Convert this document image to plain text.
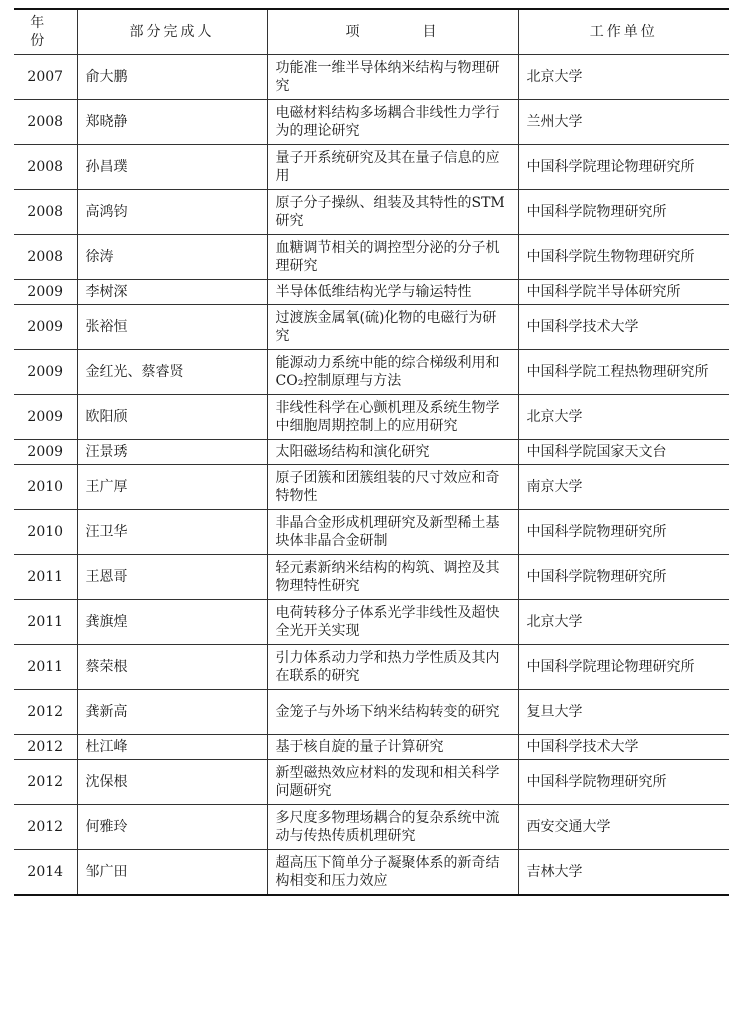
年份	部分完成人	项 目	工作单位
2007	俞大鹏	功能准一维半导体纳米结构与物理研究	北京大学
2008	郑晓静	电磁材料结构多场耦合非线性力学行为的理论研究	兰州大学
2008	孙昌璞	量子开系统研究及其在量子信息的应用	中国科学院理论物理研究所
2008	高鸿钧	原子分子操纵、组装及其特性的STM研究	中国科学院物理研究所
2008	徐涛	血糖调节相关的调控型分泌的分子机理研究	中国科学院生物物理研究所
2009	李树深	半导体低维结构光学与输运特性	中国科学院半导体研究所
2009	张裕恒	过渡族金属氧(硫)化物的电磁行为研究	中国科学技术大学
2009	金红光、蔡睿贤	能源动力系统中能的综合梯级利用和CO₂控制原理与方法	中国科学院工程热物理研究所
2009	欧阳颀	非线性科学在心颤机理及系统生物学中细胞周期控制上的应用研究	北京大学
2009	汪景琇	太阳磁场结构和演化研究	中国科学院国家天文台
2010	王广厚	原子团簇和团簇组装的尺寸效应和奇特物性	南京大学
2010	汪卫华	非晶合金形成机理研究及新型稀土基块体非晶合金研制	中国科学院物理研究所
2011	王恩哥	轻元素新纳米结构的构筑、调控及其物理特性研究	中国科学院物理研究所
2011	龚旗煌	电荷转移分子体系光学非线性及超快全光开关实现	北京大学
2011	蔡荣根	引力体系动力学和热力学性质及其内在联系的研究	中国科学院理论物理研究所
2012	龚新高	金笼子与外场下纳米结构转变的研究	复旦大学
2012	杜江峰	基于核自旋的量子计算研究	中国科学技术大学
2012	沈保根	新型磁热效应材料的发现和相关科学问题研究	中国科学院物理研究所
2012	何雅玲	多尺度多物理场耦合的复杂系统中流动与传热传质机理研究	西安交通大学
2014	邹广田	超高压下简单分子凝聚体系的新奇结构相变和压力效应	吉林大学
